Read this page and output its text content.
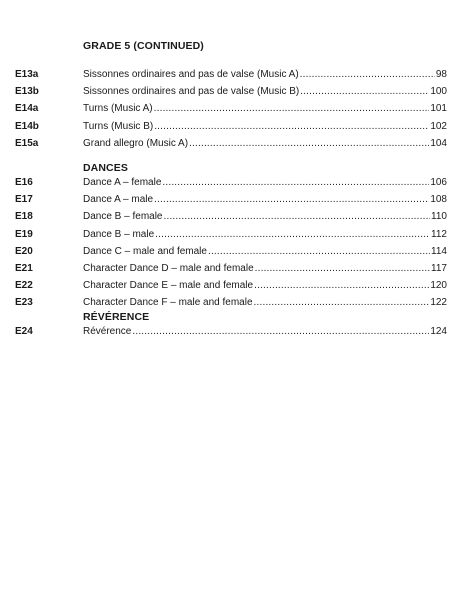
GRADE 5 (CONTINUED)
E13a	Sissonnes ordinaires and pas de valse (Music A) .....	98
E13b	Sissonnes ordinaires and pas de valse (Music B) .....	100
E14a	Turns (Music A) .....	101
E14b	Turns (Music B) .....	102
E15a	Grand allegro (Music A) .....	104
DANCES
E16	Dance A – female .....	106
E17	Dance A – male .....	108
E18	Dance B – female .....	110
E19	Dance B – male .....	112
E20	Dance C – male and female .....	114
E21	Character Dance D – male and female .....	117
E22	Character Dance E – male and female .....	120
E23	Character Dance F – male and female .....	122
RÉVÉRENCE
E24	Révérence .....	124
